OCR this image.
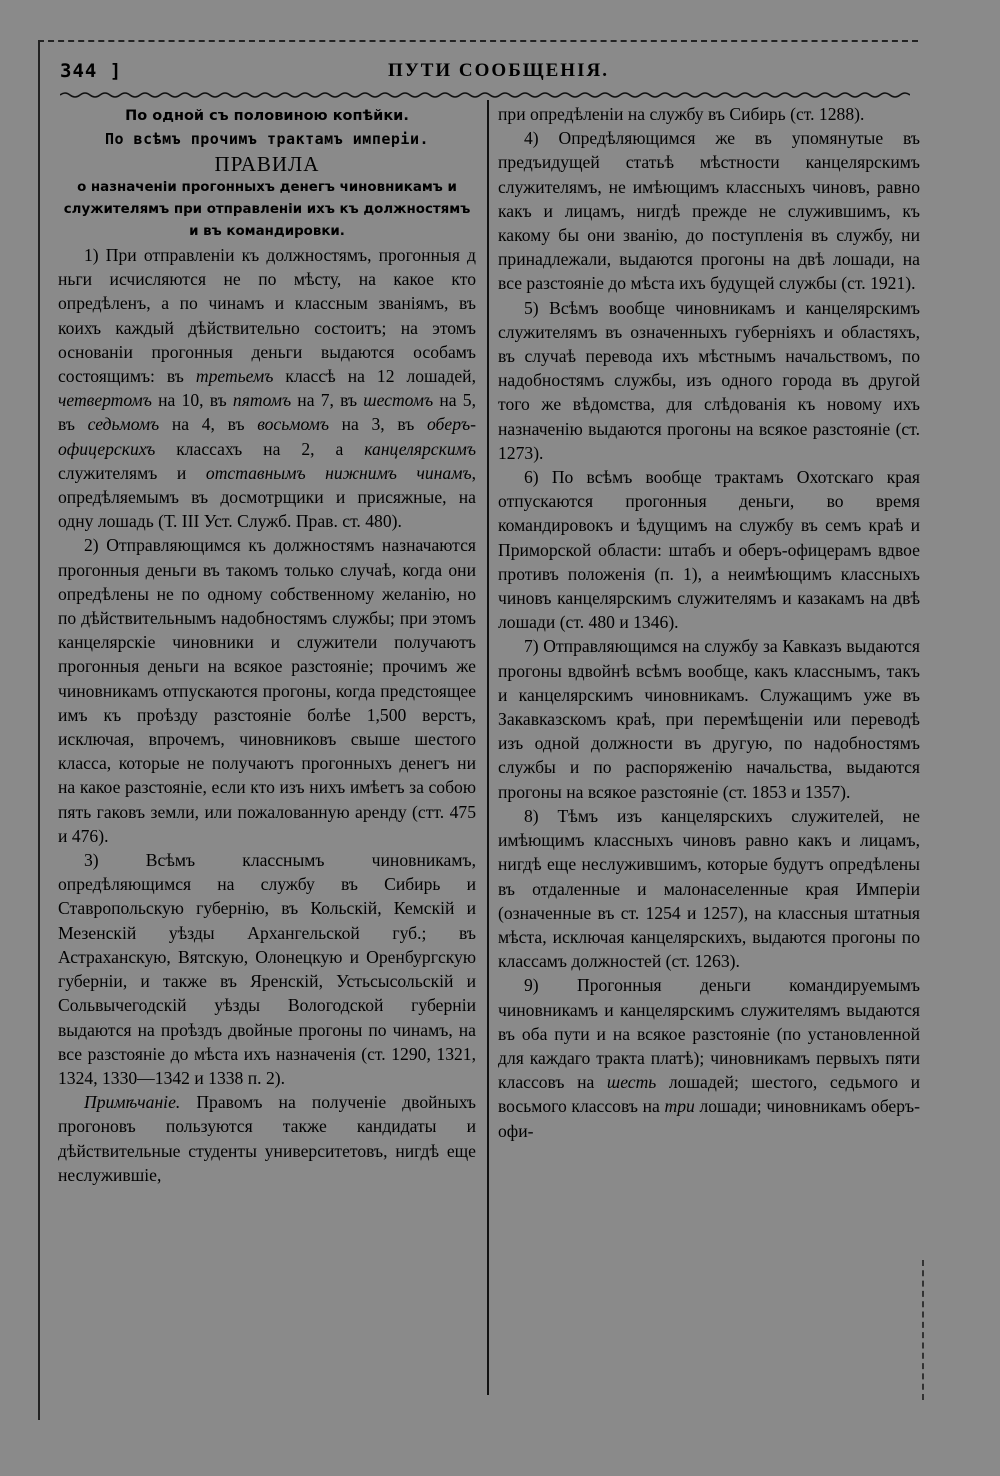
344 ]	ПУТИ СООБЩЕНІЯ.

По одной съ половиною копѣйки.

По всѣмъ прочимъ трактамъ имперіи.

ПРАВИЛА

о назначеніи прогонныхъ денегъ чиновникамъ и служителямъ при отправленіи ихъ къ должностямъ и въ командировки.

1) При отправленіи къ должностямъ, прогонныя д ньги исчисляются не по мѣсту, на какое кто опредѣленъ, а по чинамъ и классным званіямъ, въ коихъ каждый дѣйствительно состоитъ; на этомъ основаніи прогонныя деньги выдаются особамъ состоящимъ: въ третьемъ классѣ на 12 лошадей, четвертомъ на 10, въ пятомъ на 7, въ шестомъ на 5, въ седьмомъ на 4, въ восьмомъ на 3, въ оберъ-офицерскихъ классахъ на 2, а канцелярскимъ служителямъ и отставнымъ нижнимъ чинамъ, опредѣляемымъ въ досмотрщики и присяжные, на одну лошадь (Т. III Уст. Служб. Прав. ст. 480).

2) Отправляющимся къ должностямъ назначаются прогонныя деньги въ такомъ только случаѣ, когда они опредѣлены не по одному собственному желанію, но по дѣйствительнымъ надобностямъ службы; при этомъ канцелярскіе чиновники и служители получаютъ прогонныя деньги на всякое разстояніе; прочимъ же чиновникамъ отпускаются прогоны, когда предстоящее имъ къ проѣзду разстояніе болѣе 1,500 верстъ, исключая, впрочемъ, чиновниковъ свыше шестого класса, которые не получаютъ прогонныхъ денегъ ни на какое разстояніе, если кто изъ нихъ имѣетъ за собою пять гаковъ земли, или пожалованную аренду (стт. 475 и 476).

3) Всѣмъ класснымъ чиновникамъ, опредѣляющимся на службу въ Сибирь и Ставропольскую губернію, въ Кольскій, Кемскій и Мезенскій уѣзды Архангельской губ.; въ Астраханскую, Вятскую, Олонецкую и Оренбургскую губерніи, и также въ Яренскій, Устьсысольскій и Сольвычегодскій уѣзды Вологодской губерніи выдаются на проѣздъ двойные прогоны по чинамъ, на все разстояніе до мѣста ихъ назначенія (ст. 1290, 1321, 1324, 1330—1342 и 1338 п. 2).

Примѣчаніе. Правомъ на полученіе двойныхъ прогоновъ пользуются также кандидаты и дѣйствительные студенты университетовъ, нигдѣ еще неслужившіе,

при опредѣленіи на службу въ Сибирь (ст. 1288).

4) Опредѣляющимся же въ упомянутые въ предъидущей статьѣ мѣстности канцелярскимъ служителямъ, не имѣющимъ классныхъ чиновъ, равно какъ и лицамъ, нигдѣ прежде не служившимъ, къ какому бы они званію, до поступленія въ службу, ни принадлежали, выдаются прогоны на двѣ лошади, на все разстояніе до мѣста ихъ будущей службы (ст. 1921).

5) Всѣмъ вообще чиновникамъ и канцелярскимъ служителямъ въ означенныхъ губерніяхъ и областяхъ, въ случаѣ перевода ихъ мѣстнымъ начальствомъ, по надобностямъ службы, изъ одного города въ другой того же вѣдомства, для слѣдованія къ новому ихъ назначенію выдаются прогоны на всякое разстояніе (ст. 1273).

6) По всѣмъ вообще трактамъ Охотскаго края отпускаются прогонныя деньги, во время командировокъ и ѣдущимъ на службу въ семъ краѣ и Приморской области: штабъ и оберъ-офицерамъ вдвое противъ положенія (п. 1), а неимѣющимъ классныхъ чиновъ канцелярскимъ служителямъ и казакамъ на двѣ лошади (ст. 480 и 1346).

7) Отправляющимся на службу за Кавказъ выдаются прогоны вдвойнѣ всѣмъ вообще, какъ класснымъ, такъ и канцелярскимъ чиновникамъ. Служащимъ уже въ Закавказскомъ краѣ, при перемѣщеніи или переводѣ изъ одной должности въ другую, по надобностямъ службы и по распоряженію начальства, выдаются прогоны на всякое разстояніе (ст. 1853 и 1357).

8) Тѣмъ изъ канцелярскихъ служителей, не имѣющимъ классныхъ чиновъ равно какъ и лицамъ, нигдѣ еще неслужившимъ, которые будутъ опредѣлены въ отдаленные и малонаселенные края Имперіи (означенные въ ст. 1254 и 1257), на классныя штатныя мѣста, исключая канцелярскихъ, выдаются прогоны по классамъ должностей (ст. 1263).

9) Прогонныя деньги командируемымъ чиновникамъ и канцелярскимъ служителямъ выдаются въ оба пути и на всякое разстояніе (по установленной для каждаго тракта платѣ); чиновникамъ первыхъ пяти классовъ на шесть лошадей; шестого, седьмого и восьмого классовъ на три лошади; чиновникамъ оберъ-офи-
